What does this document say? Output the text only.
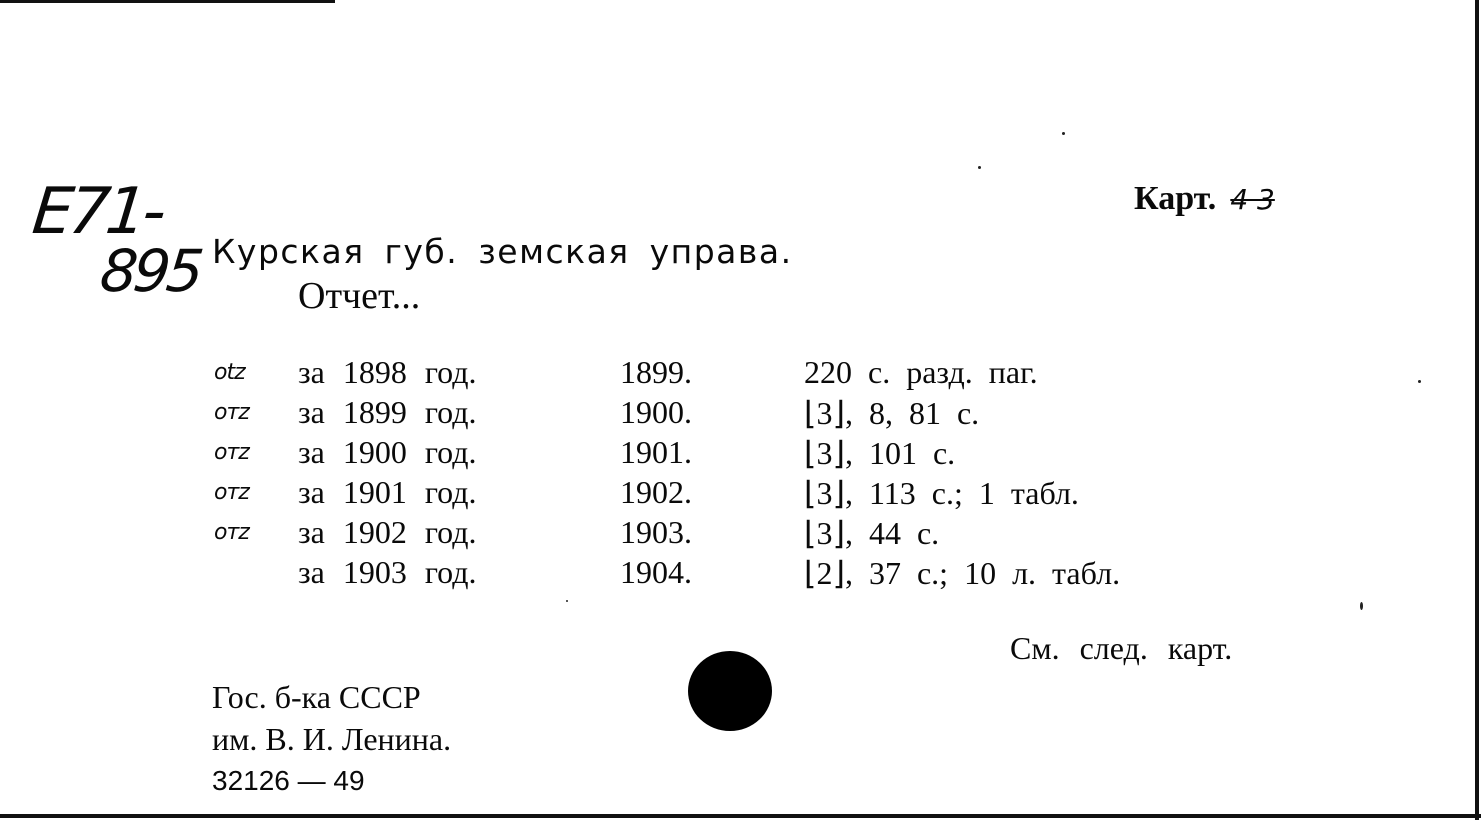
E71-
895
Карт. 4 3
Курская губ. земская управа.
Отчет...
otz за 1898 год.	1899.	220 с. разд. паг.
oтz за 1899 год.	1900.	⌊3⌋, 8, 81 с.
oтz за 1900 год.	1901.	⌊3⌋, 101 с.
oтz за 1901 год.	1902.	⌊3⌋, 113 с.; 1 табл.
oтz за 1902 год.	1903.	⌊3⌋, 44 с.
за 1903 год.	1904.	⌊2⌋, 37 с.; 10 л. табл.
См. след. карт.
Гос. б-ка СССР
им. В. И. Ленина.
32126 — 49
